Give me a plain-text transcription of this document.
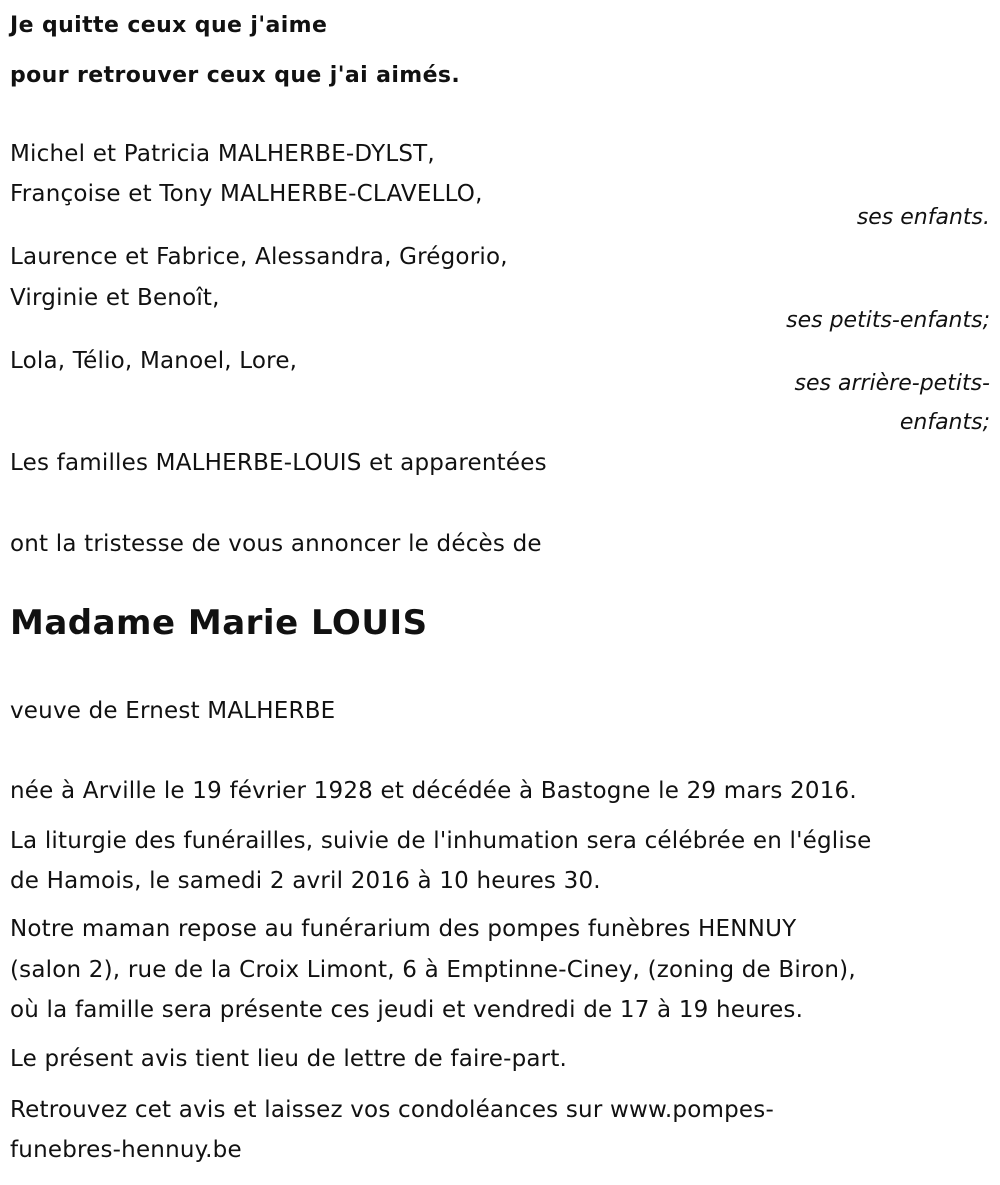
Je quitte ceux que j'aime
pour retrouver ceux que j'ai aimés.
Michel et Patricia MALHERBE-DYLST,
Françoise et Tony MALHERBE-CLAVELLO,
ses enfants.
Laurence et Fabrice, Alessandra, Grégorio,
Virginie et Benoît,
ses petits-enfants;
Lola, Télio, Manoel, Lore,
ses arrière-petits-
enfants;
Les familles MALHERBE-LOUIS et apparentées
ont la tristesse de vous annoncer le décès de
Madame Marie LOUIS
veuve de Ernest MALHERBE
née à Arville le 19 février 1928 et décédée à Bastogne le 29 mars 2016.
La liturgie des funérailles, suivie de l'inhumation sera célébrée en l'église
de Hamois, le samedi 2 avril 2016 à 10 heures 30.
Notre maman repose au funérarium des pompes funèbres HENNUY
(salon 2), rue de la Croix Limont, 6 à Emptinne-Ciney, (zoning de Biron),
où la famille sera présente ces jeudi et vendredi de 17 à 19 heures.
Le présent avis tient lieu de lettre de faire-part.
Retrouvez cet avis et laissez vos condoléances sur www.pompes-
funebres-hennuy.be
